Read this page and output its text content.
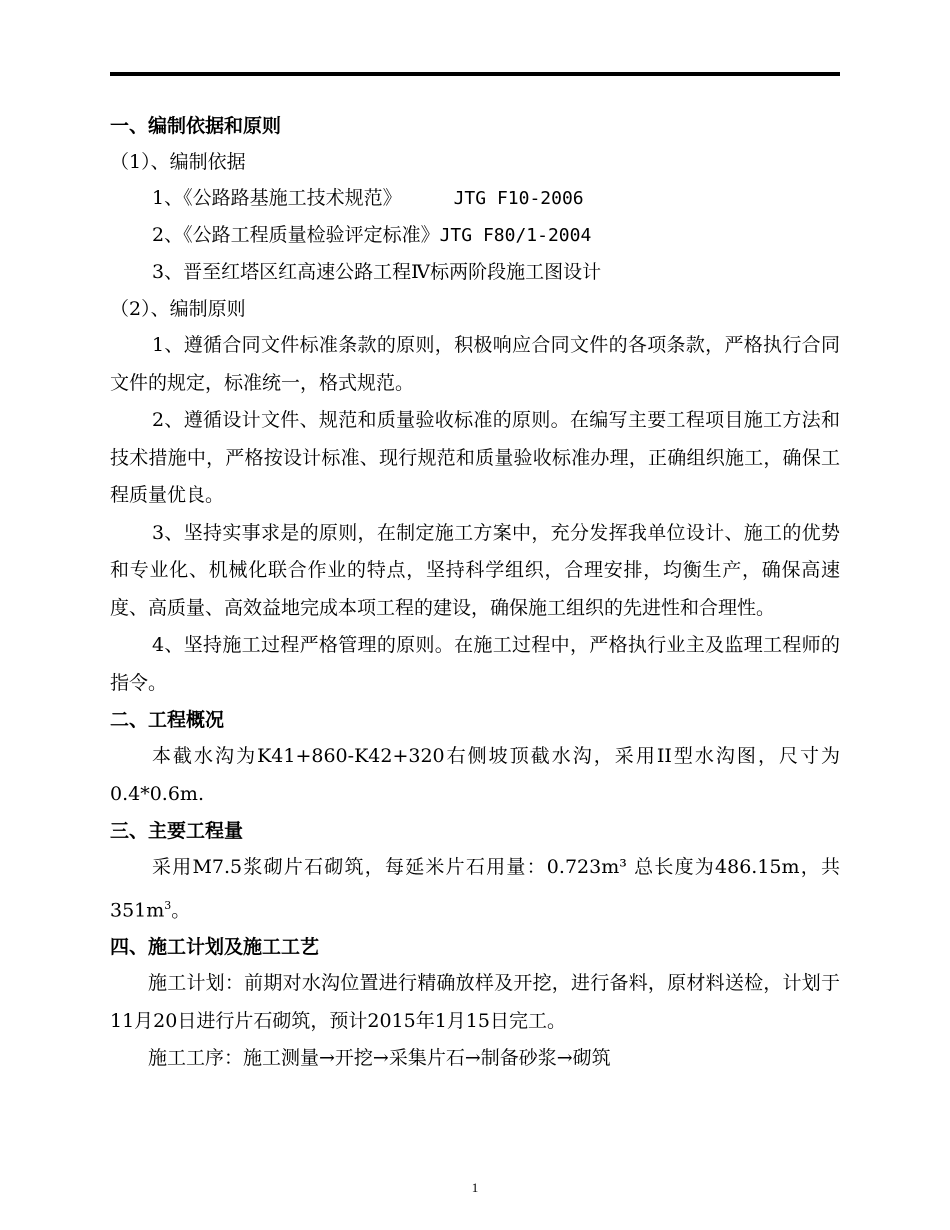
一、编制依据和原则
（1）、编制依据
1、《公路路基施工技术规范》	JTG F10-2006
2、《公路工程质量检验评定标准》JTG F80/1-2004
3、晋至红塔区红高速公路工程Ⅳ标两阶段施工图设计
（2）、编制原则

1、遵循合同文件标准条款的原则，积极响应合同文件的各项条款，严格执行合同文件的规定，标准统一，格式规范。

2、遵循设计文件、规范和质量验收标准的原则。在编写主要工程项目施工方法和技术措施中，严格按设计标准、现行规范和质量验收标准办理，正确组织施工，确保工程质量优良。

3、坚持实事求是的原则，在制定施工方案中，充分发挥我单位设计、施工的优势和专业化、机械化联合作业的特点，坚持科学组织，合理安排，均衡生产，确保高速度、高质量、高效益地完成本项工程的建设，确保施工组织的先进性和合理性。

4、坚持施工过程严格管理的原则。在施工过程中，严格执行业主及监理工程师的指令。

二、工程概况

本截水沟为K41+860-K42+320右侧坡顶截水沟，采用II型水沟图，尺寸为0.4*0.6m.

三、主要工程量

采用M7.5浆砌片石砌筑，每延米片石用量：0.723m³ 总长度为486.15m，共$351m^3$。

四、施工计划及施工工艺

施工计划：前期对水沟位置进行精确放样及开挖，进行备料，原材料送检，计划于11月20日进行片石砌筑，预计2015年1月15日完工。

施工工序：施工测量→开挖→采集片石→制备砂浆→砌筑

1
